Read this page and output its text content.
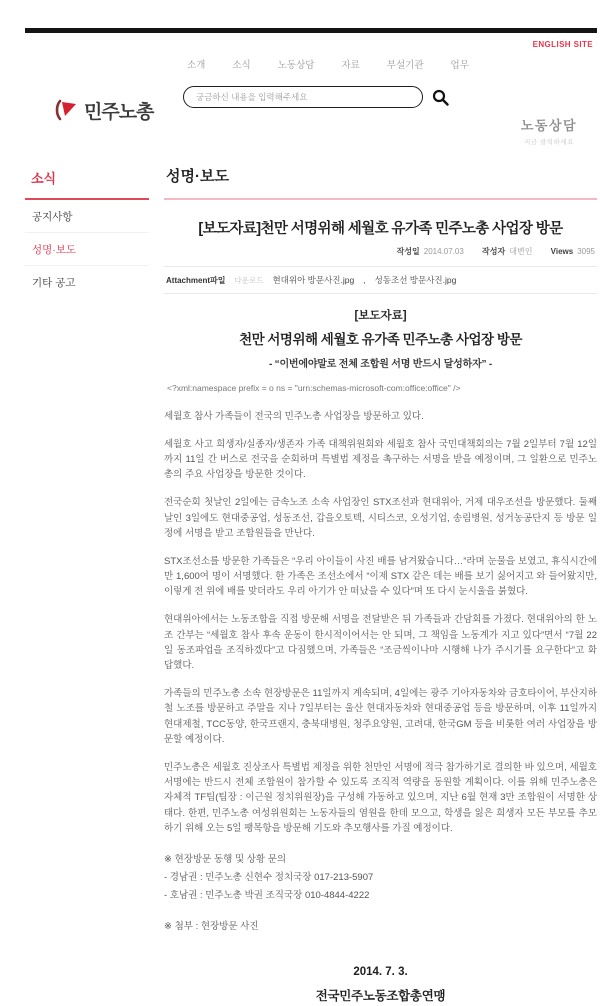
ENGLISH SITE
민주노총
소개	소식	노동상담	자료	부설기관	업무
궁금하신 내용을 입력해주세요
노동상담
지금 클릭하세요
소식
공지사항
성명·보도
기타 공고
성명·보도
[보도자료]천만 서명위해 세월호 유가족 민주노총 사업장 방문
작성일 2014.07.03 작성자 대변인 Views 3095
Attachment파일 다운로드 현대위아 방문사진.jpg , 성동조선 방문사진.jpg
[보도자료]
천만 서명위해 세월호 유가족 민주노총 사업장 방문
- “이번에야말로 전체 조합원 서명 반드시 달성하자” -
<?xml:namespace prefix = o ns = "urn:schemas-microsoft-com:office:office" />
세월호 참사 가족들이 전국의 민주노총 사업장을 방문하고 있다.
세월호 사고 희생자/실종자/생존자 가족 대책위원회와 세월호 참사 국민대책회의는 7월 2일부터 7월 12일까지 11일 간 버스로 전국을 순회하며 특별법 제정을 촉구하는 서명을 받을 예정이며, 그 일환으로 민주노총의 주요 사업장을 방문한 것이다.
전국순회 첫날인 2일에는 금속노조 소속 사업장인 STX조선과 현대위아, 거제 대우조선을 방문했다. 둘째 날인 3일에도 현대중공업, 성동조선, 갑을오토텍, 시티스코, 오성기업, 송림병원, 성거농공단지 등 방문 일정에 서명을 받고 조합원들을 만난다.
STX조선소를 방문한 가족들은 “우리 아이들이 사진 배를 남겨왔습니다…”라며 눈물을 보였고, 휴식시간에만 1,600여 명이 서명했다. 한 가족은 조선소에서 “이제 STX 같은 데는 배를 보기 싫어지고 와 들어왔지만, 이렇게 전 위에 배를 맞더라도 우리 아기가 안 떠났을 수 있다”며 또 다시 눈시울을 붉혔다.
현대위아에서는 노동조합을 직접 방문해 서명을 전달받은 뒤 가족들과 간담회를 가졌다. 현대위아의 한 노조 간부는 “세월호 참사 후속 운동이 한시적이어서는 안 되며, 그 책임을 노동계가 지고 있다”면서 “7월 22일 동조파업을 조직하겠다”고 다짐했으며, 가족들은 “조금씩이나마 시행해 나가 주시기를 요구한다”고 화답했다.
가족들의 민주노총 소속 현장방문은 11일까지 계속되며, 4일에는 광주 기아자동차와 금호타이어, 부산지하철 노조를 방문하고 주말을 지나 7일부터는 울산 현대자동차와 현대중공업 등을 방문하며, 이후 11일까지 현대제철, TCC동양, 한국프랜지, 충북대병원, 청주요양원, 고려대, 한국GM 등을 비롯한 여러 사업장을 방문할 예정이다.
민주노총은 세월호 진상조사 특별법 제정을 위한 천만인 서명에 적극 참가하기로 결의한 바 있으며, 세월호 서명에는 반드시 전체 조합원이 참가할 수 있도록 조직적 역량을 동원할 계획이다. 이를 위해 민주노총은 자체적 TF팀(팀장 : 이근원 정치위원장)을 구성해 가동하고 있으며, 지난 6월 현재 3만 조합원이 서명한 상태다. 한편, 민주노총 여성위원회는 노동자들의 염원을 한데 모으고, 학생을 잃은 희생자 모든 부모를 추모하기 위해 오는 5일 팽목항을 방문해 기도와 추모행사를 가질 예정이다.
※ 현장방문 동행 및 상황 문의
- 경남권 : 민주노총 신현수 정치국장 017-213-5907
- 호남권 : 민주노총 박권 조직국장 010-4844-4222
※ 첨부 : 현장방문 사진
2014. 7. 3.
전국민주노동조합총연맹
